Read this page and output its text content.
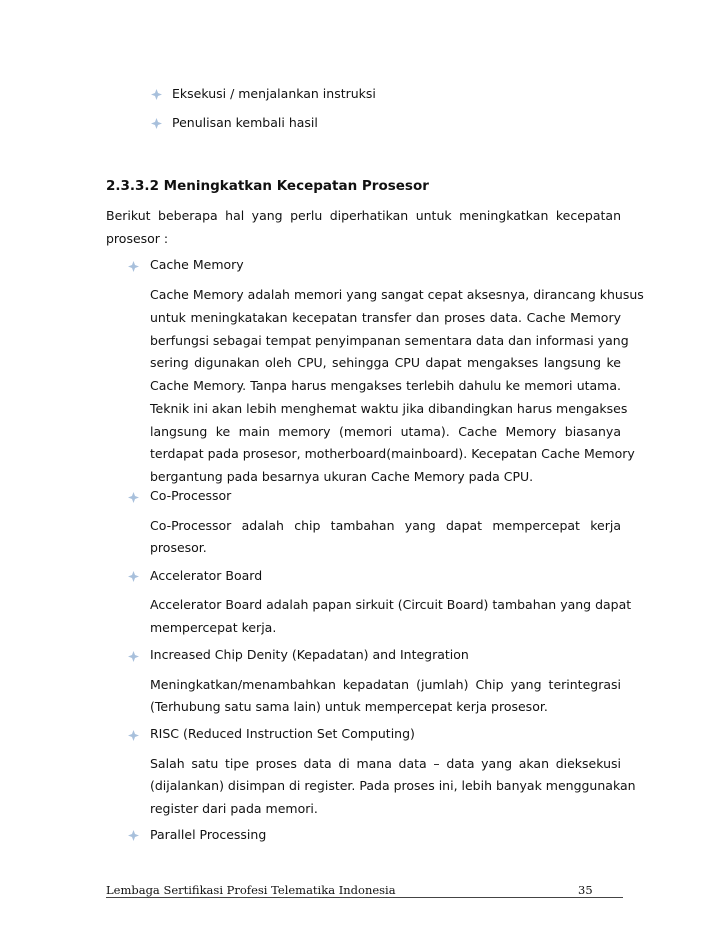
Eksekusi / menjalankan instruksi
Penulisan kembali hasil
2.3.3.2 Meningkatkan Kecepatan Prosesor
Berikut beberapa hal yang perlu diperhatikan untuk meningkatkan kecepatan
prosesor :
Cache Memory
Cache Memory adalah memori yang sangat cepat aksesnya, dirancang khusus
untuk meningkatakan kecepatan transfer dan proses data. Cache Memory
berfungsi sebagai tempat penyimpanan sementara data dan informasi yang
sering digunakan oleh CPU, sehingga CPU dapat mengakses langsung ke
Cache Memory. Tanpa harus mengakses terlebih dahulu ke memori utama.
Teknik ini akan lebih menghemat waktu jika dibandingkan harus mengakses
langsung ke main memory (memori utama). Cache Memory biasanya
terdapat pada prosesor, motherboard(mainboard). Kecepatan Cache Memory
bergantung pada besarnya ukuran Cache Memory pada CPU.
Co-Processor
Co-Processor adalah chip tambahan yang dapat mempercepat kerja
prosesor.
Accelerator Board
Accelerator Board adalah papan sirkuit (Circuit Board) tambahan yang dapat
mempercepat kerja.
Increased Chip Denity (Kepadatan) and Integration
Meningkatkan/menambahkan kepadatan (jumlah) Chip yang terintegrasi
(Terhubung satu sama lain) untuk mempercepat kerja prosesor.
RISC (Reduced Instruction Set Computing)
Salah satu tipe proses data di mana data – data yang akan dieksekusi
(dijalankan) disimpan di register. Pada proses ini, lebih banyak menggunakan
register dari pada memori.
Parallel Processing
Lembaga Sertifikasi Profesi Telematika Indonesia	35
